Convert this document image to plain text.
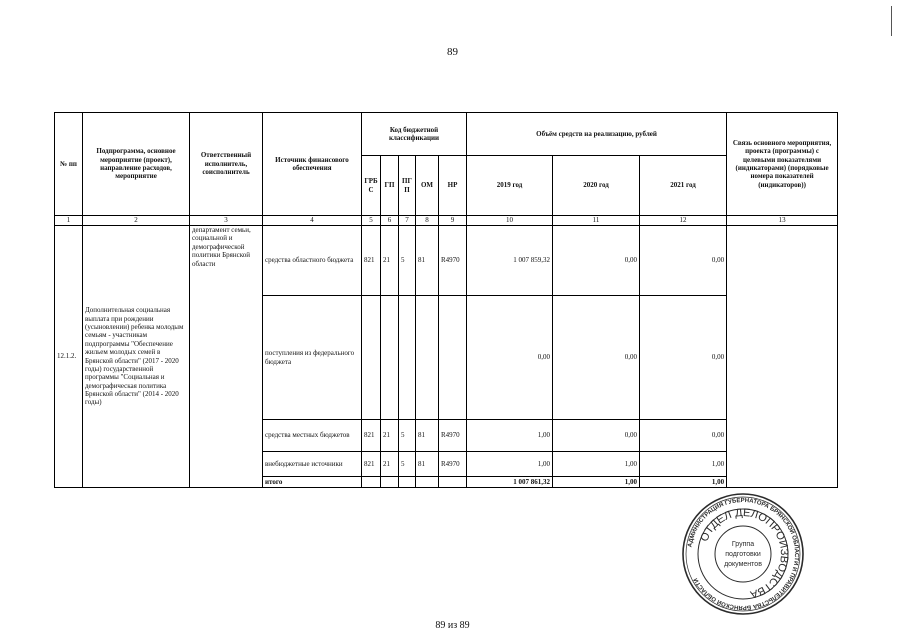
89
№ пп	Подпрограмма, основное мероприятие (проект), направление расходов, мероприятие	Ответственный исполнитель, соисполнитель	Источник финансового обеспечения	Код бюджетной классификации					Объём средств на реализацию, рублей			Связь основного мероприятия, проекта (программы) с целевыми показателями (индикаторами) (порядковые номера показателей (индикаторов))
				ГРБ С	ГП	ПГ П	ОМ	НР	2019 год	2020 год	2021 год	
1	2	3	4	5	6	7	8	9	10	11	12	13
12.1.2.	Дополнительная социальная выплата при рождении (усыновлении) ребенка молодым семьям - участникам подпрограммы "Обеспечение жильем молодых семей в Брянской области" (2017 - 2020 годы) государственной программы "Социальная и демографическая политика Брянской области" (2014 - 2020 годы)	департамент семьи, социальной и демографической политики Брянской области	средства областного бюджета	821	21	5	81	R4970	1 007 859,32	0,00	0,00	
			поступления из федерального бюджета						0,00	0,00	0,00	
			средства местных бюджетов	821	21	5	81	R4970	1,00	0,00	0,00	
			внебюджетные источники	821	21	5	81	R4970	1,00	1,00	1,00	
			итого						1 007 861,32	1,00	1,00	
АДМИНИСТРАЦИЯ ГУБЕРНАТОРА БРЯНСКОЙ ОБЛАСТИ И ПРАВИТЕЛЬСТВА БРЯНСКОЙ ОБЛАСТИ
ОТДЕЛ ДЕЛОПРОИЗВОДСТВА
Группа
подготовки
документов
89 из 89
